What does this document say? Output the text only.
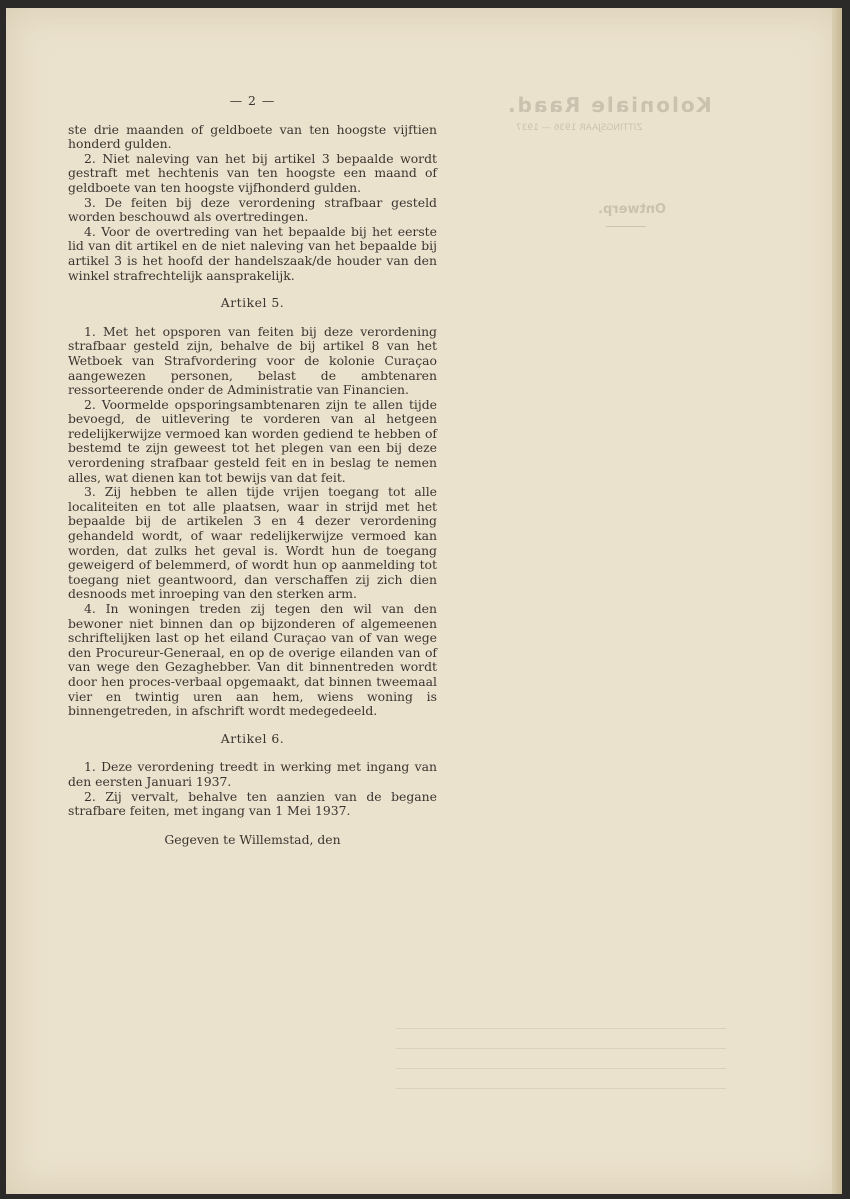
Koloniale Raad.
ZITTINGSJAAR 1936 — 1937
Ontwerp.
— 2 —

ste drie maanden of geldboete van ten hoogste vijftien honderd gulden.

2. Niet naleving van het bij artikel 3 bepaalde wordt gestraft met hechtenis van ten hoogste een maand of geldboete van ten hoogste vijfhonderd gulden.

3. De feiten bij deze verordening strafbaar gesteld worden beschouwd als overtredingen.

4. Voor de overtreding van het bepaalde bij het eerste lid van dit artikel en de niet naleving van het bepaalde bij artikel 3 is het hoofd der handelszaak/de houder van den winkel strafrechtelijk aansprakelijk.

Artikel 5.

1. Met het opsporen van feiten bij deze verordening strafbaar gesteld zijn, behalve de bij artikel 8 van het Wetboek van Strafvordering voor de kolonie Curaçao aangewezen personen, belast de ambtenaren ressorteerende onder de Administratie van Financien.

2. Voormelde opsporingsambtenaren zijn te allen tijde bevoegd, de uitlevering te vorderen van al hetgeen redelijkerwijze vermoed kan worden gediend te hebben of bestemd te zijn geweest tot het plegen van een bij deze verordening strafbaar gesteld feit en in beslag te nemen alles, wat dienen kan tot bewijs van dat feit.

3. Zij hebben te allen tijde vrijen toegang tot alle localiteiten en tot alle plaatsen, waar in strijd met het bepaalde bij de artikelen 3 en 4 dezer verordening gehandeld wordt, of waar redelijkerwijze vermoed kan worden, dat zulks het geval is. Wordt hun de toegang geweigerd of belemmerd, of wordt hun op aanmelding tot toegang niet geantwoord, dan verschaffen zij zich dien desnoods met inroeping van den sterken arm.

4. In woningen treden zij tegen den wil van den bewoner niet binnen dan op bijzonderen of algemeenen schriftelijken last op het eiland Curaçao van of van wege den Procureur-Generaal, en op de overige eilanden van of van wege den Gezaghebber. Van dit binnentreden wordt door hen proces-verbaal opgemaakt, dat binnen tweemaal vier en twintig uren aan hem, wiens woning is binnengetreden, in afschrift wordt medegedeeld.

Artikel 6.

1. Deze verordening treedt in werking met ingang van den eersten Januari 1937.

2. Zij vervalt, behalve ten aanzien van de begane strafbare feiten, met ingang van 1 Mei 1937.

Gegeven te Willemstad, den
